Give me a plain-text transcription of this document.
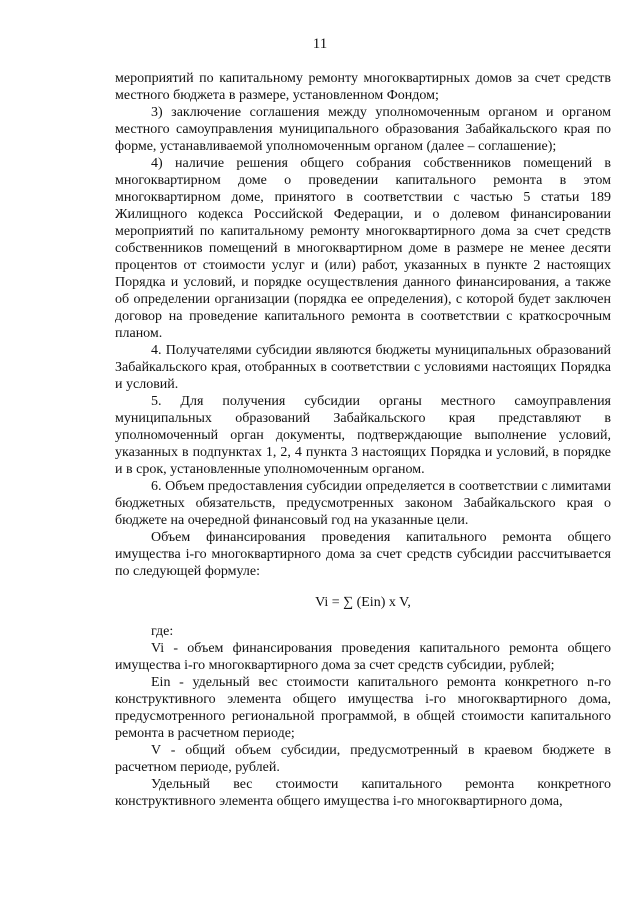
11

мероприятий по капитальному ремонту многоквартирных домов за счет средств местного бюджета в размере, установленном Фондом;

3) заключение соглашения между уполномоченным органом и органом местного самоуправления муниципального образования Забайкальского края по форме, устанавливаемой уполномоченным органом (далее – соглашение);

4) наличие решения общего собрания собственников помещений в многоквартирном доме о проведении капитального ремонта в этом многоквартирном доме, принятого в соответствии с частью 5 статьи 189 Жилищного кодекса Российской Федерации, и о долевом финансировании мероприятий по капитальному ремонту многоквартирного дома за счет средств собственников помещений в многоквартирном доме в размере не менее десяти процентов от стоимости услуг и (или) работ, указанных в пункте 2 настоящих Порядка и условий, и порядке осуществления данного финансирования, а также об определении организации (порядка ее определения), с которой будет заключен договор на проведение капитального ремонта в соответствии с краткосрочным планом.

4. Получателями субсидии являются бюджеты муниципальных образований Забайкальского края, отобранных в соответствии с условиями настоящих Порядка и условий.

5. Для получения субсидии органы местного самоуправления муниципальных образований Забайкальского края представляют в уполномоченный орган документы, подтверждающие выполнение условий, указанных в подпунктах 1, 2, 4 пункта 3 настоящих Порядка и условий, в порядке и в срок, установленные уполномоченным органом.

6. Объем предоставления субсидии определяется в соответствии с лимитами бюджетных обязательств, предусмотренных законом Забайкальского края о бюджете на очередной финансовый год на указанные цели.

Объем финансирования проведения капитального ремонта общего имущества i-го многоквартирного дома за счет средств субсидии рассчитывается по следующей формуле:

Vi = ∑ (Ein) x V,

где:

Vi - объем финансирования проведения капитального ремонта общего имущества i-го многоквартирного дома за счет средств субсидии, рублей;

Ein - удельный вес стоимости капитального ремонта конкретного n-го конструктивного элемента общего имущества i-го многоквартирного дома, предусмотренного региональной программой, в общей стоимости капитального ремонта в расчетном периоде;

V - общий объем субсидии, предусмотренный в краевом бюджете в расчетном периоде, рублей.

Удельный вес стоимости капитального ремонта конкретного конструктивного элемента общего имущества i-го многоквартирного дома,
